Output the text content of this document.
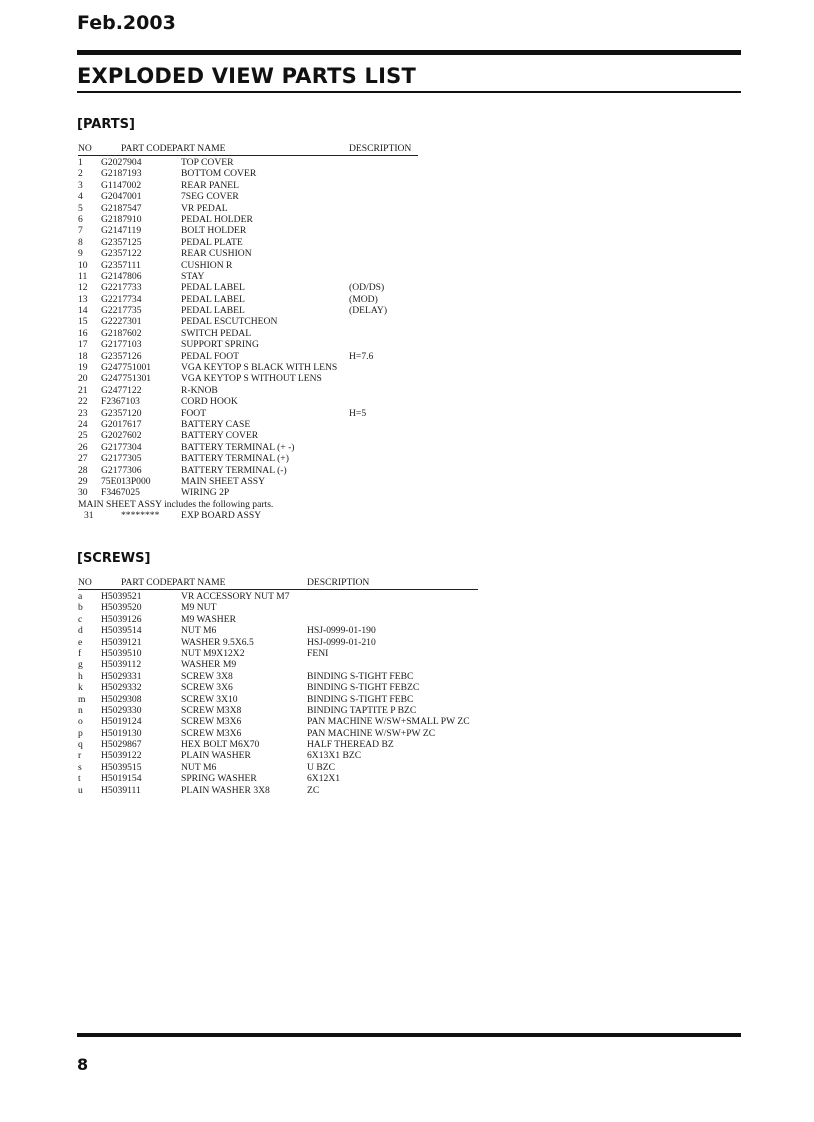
Feb.2003
EXPLODED VIEW PARTS LIST
[PARTS]
NO	PART CODE PART NAME	DESCRIPTION
1 G2027904	TOP COVER
2 G2187193	BOTTOM COVER
3 G1147002	REAR PANEL
4 G2047001	7SEG COVER
5 G2187547	VR PEDAL
6 G2187910	PEDAL HOLDER
7 G2147119	BOLT HOLDER
8 G2357125	PEDAL PLATE
9 G2357122	REAR CUSHION
10 G2357111	CUSHION R
11 G2147806	STAY
12 G2217733	PEDAL LABEL	(OD/DS)
13 G2217734	PEDAL LABEL	(MOD)
14 G2217735	PEDAL LABEL	(DELAY)
15 G2227301	PEDAL ESCUTCHEON
16 G2187602	SWITCH PEDAL
17 G2177103	SUPPORT SPRING
18 G2357126	PEDAL FOOT	H=7.6
19 G247751001	VGA KEYTOP S BLACK WITH LENS
20 G247751301	VGA KEYTOP S WITHOUT LENS
21 G2477122	R-KNOB
22 F2367103	CORD HOOK
23 G2357120	FOOT	H=5
24 G2017617	BATTERY CASE
25 G2027602	BATTERY COVER
26 G2177304	BATTERY TERMINAL (+ -)
27 G2177305	BATTERY TERMINAL (+)
28 G2177306	BATTERY TERMINAL (-)
29 75E013P000	MAIN SHEET ASSY
30 F3467025	WIRING 2P
MAIN SHEET ASSY includes the following parts.
31	******** EXP BOARD ASSY
[SCREWS]
NO	PART CODE PART NAME	DESCRIPTION
a H5039521	VR ACCESSORY NUT M7
b H5039520	M9 NUT
c H5039126	M9 WASHER
d H5039514	NUT M6	HSJ-0999-01-190
e H5039121	WASHER 9.5X6.5	HSJ-0999-01-210
f H5039510	NUT M9X12X2	FENI
g H5039112	WASHER M9
h H5029331	SCREW 3X8	BINDING S-TIGHT FEBC
k H5029332	SCREW 3X6	BINDING S-TIGHT FEBZC
m H5029308	SCREW 3X10	BINDING S-TIGHT FEBC
n H5029330	SCREW M3X8	BINDING TAPTITE P BZC
o H5019124	SCREW M3X6	PAN MACHINE W/SW+SMALL PW ZC
p H5019130	SCREW M3X6	PAN MACHINE W/SW+PW ZC
q H5029867	HEX BOLT M6X70	HALF THEREAD BZ
r H5039122	PLAIN WASHER	6X13X1 BZC
s H5039515	NUT M6	U BZC
t H5019154	SPRING WASHER	6X12X1
u H5039111	PLAIN WASHER 3X8	ZC
8
